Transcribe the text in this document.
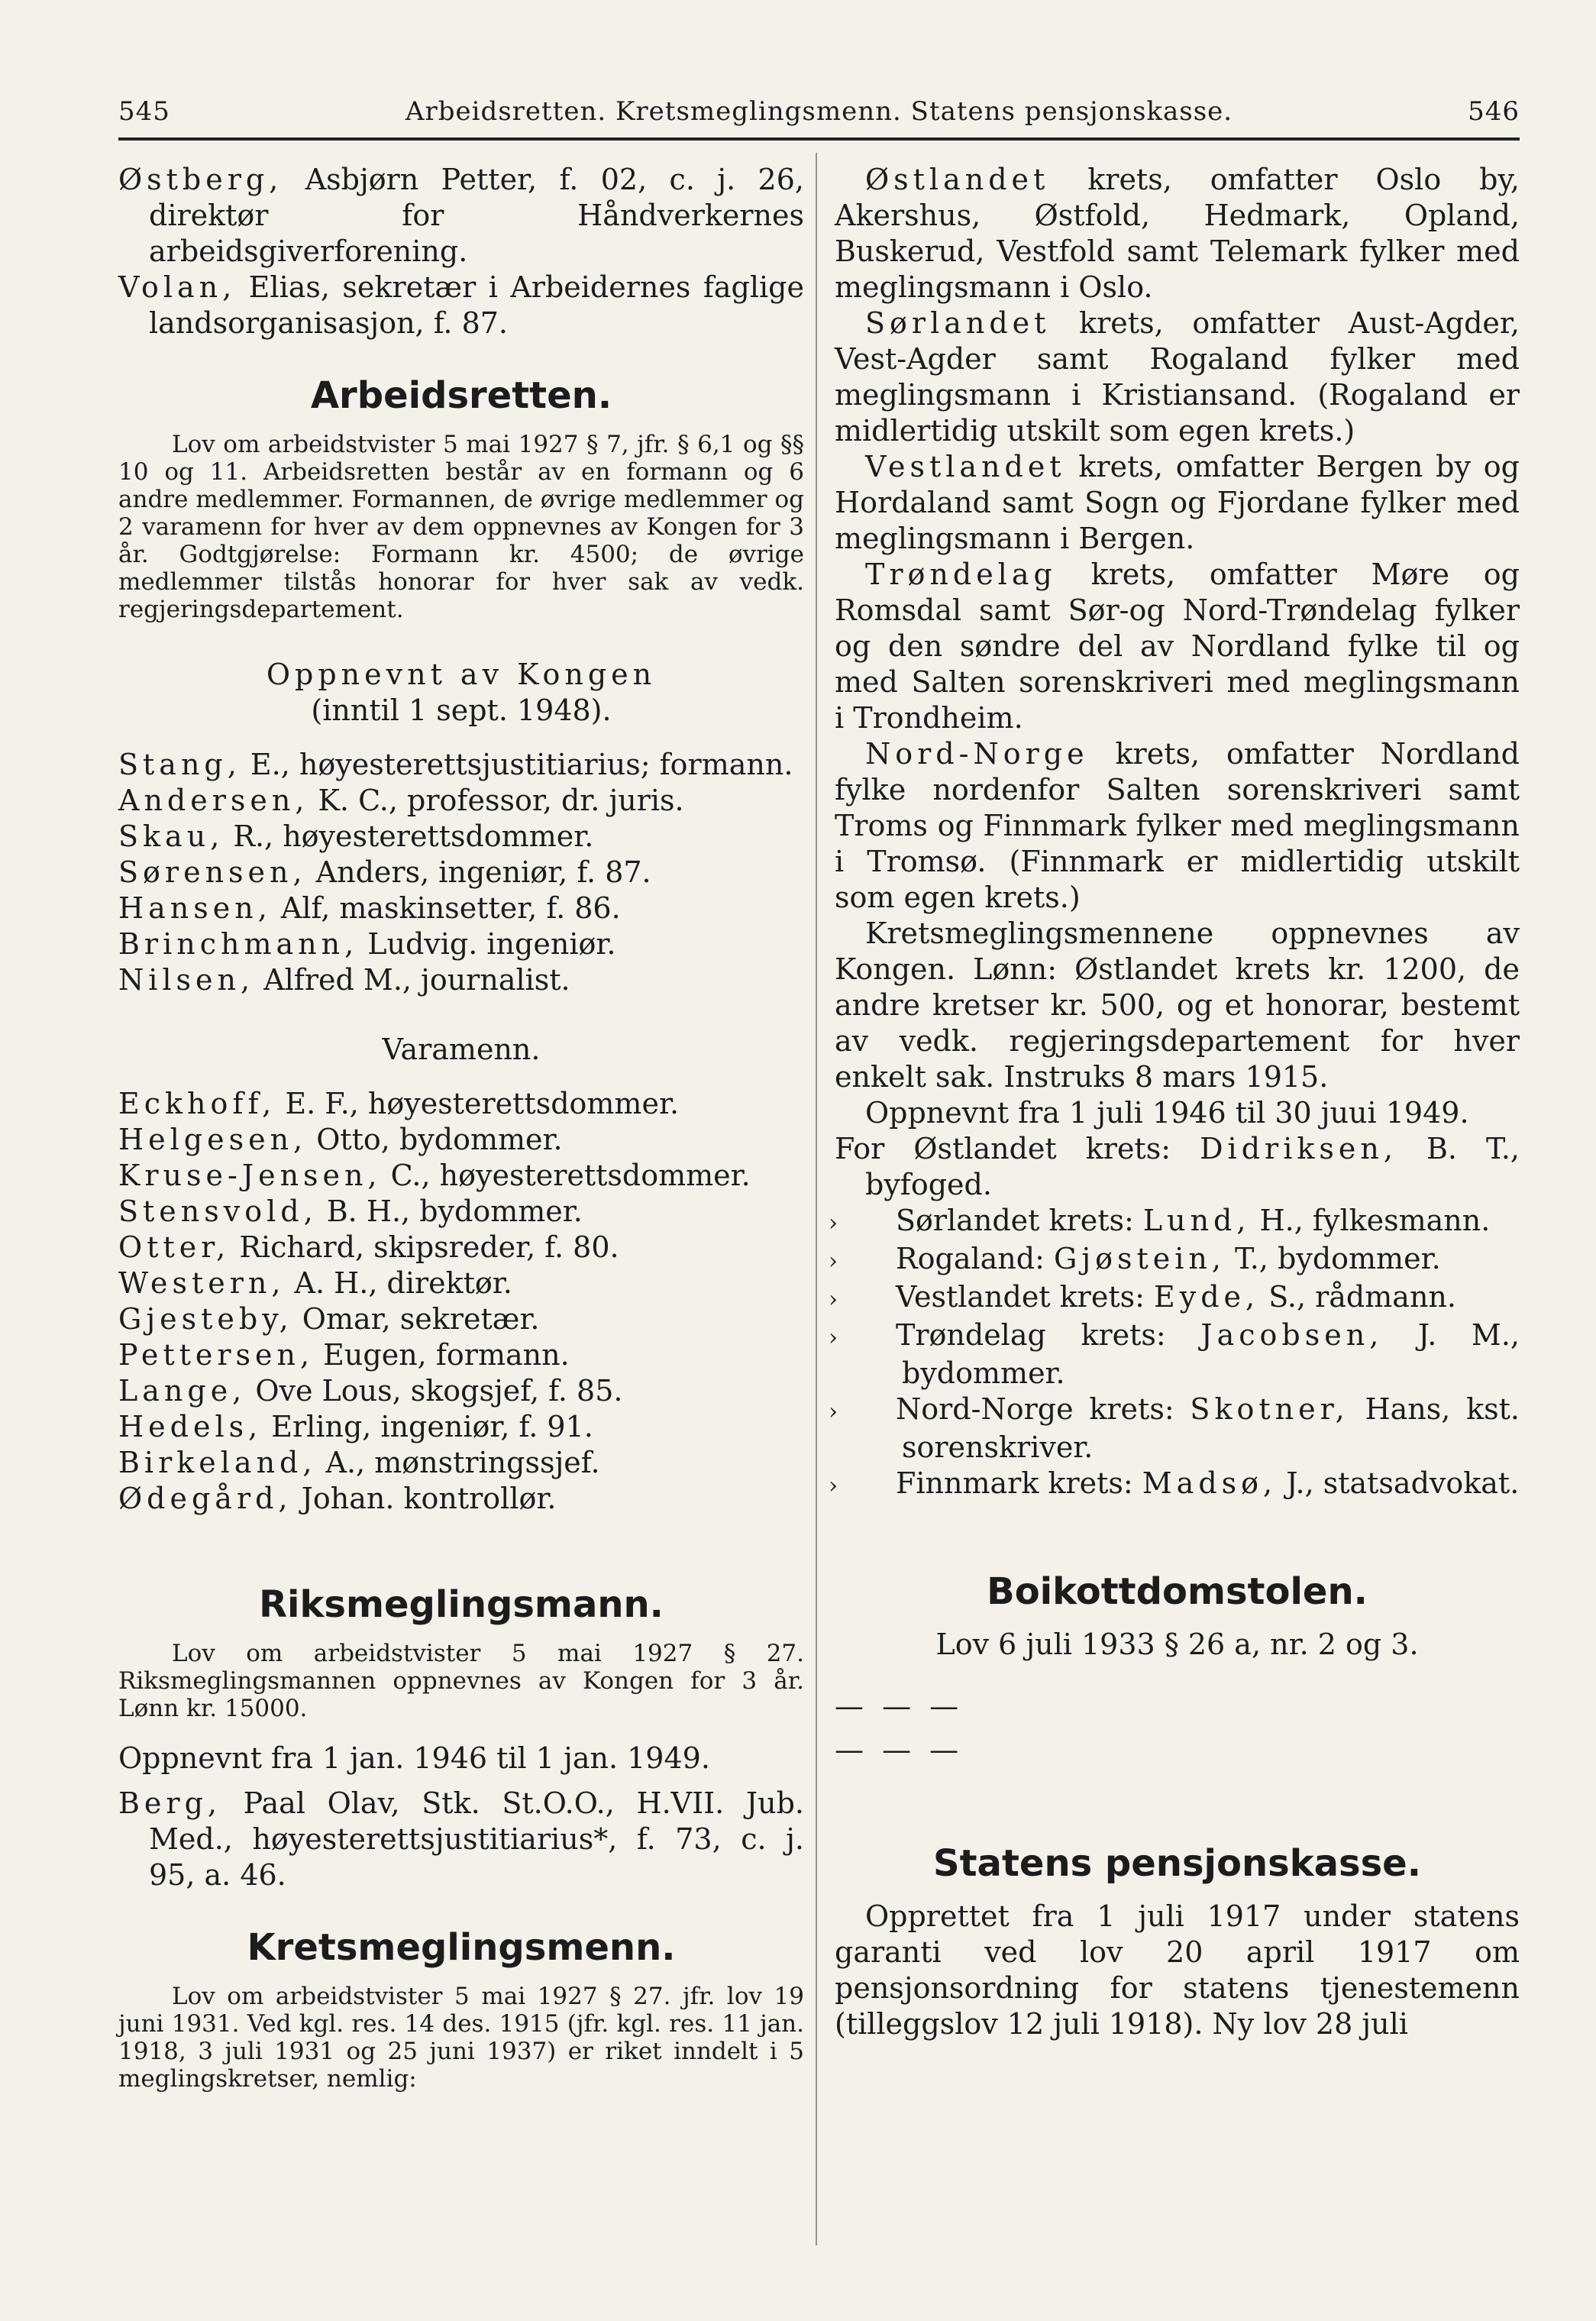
545	Arbeidsretten. Kretsmeglingsmenn. Statens pensjonskasse.	546

Østberg, Asbjørn Petter, f. 02, c. j. 26, direktør for Håndverkernes arbeidsgiverforening.

Volan, Elias, sekretær i Arbeidernes faglige landsorganisasjon, f. 87.

Arbeidsretten.

Lov om arbeidstvister 5 mai 1927 § 7, jfr. § 6,1 og §§ 10 og 11. Arbeidsretten består av en formann og 6 andre medlemmer. Formannen, de øvrige medlemmer og 2 varamenn for hver av dem oppnevnes av Kongen for 3 år. Godtgjørelse: Formann kr. 4500; de øvrige medlemmer tilstås honorar for hver sak av vedk. regjeringsdepartement.

Oppnevnt av Kongen

(inntil 1 sept. 1948).

Stang, E., høyesterettsjustitiarius; formann.

Andersen, K. C., professor, dr. juris.

Skau, R., høyesterettsdommer.

Sørensen, Anders, ingeniør, f. 87.

Hansen, Alf, maskinsetter, f. 86.

Brinchmann, Ludvig. ingeniør.

Nilsen, Alfred M., journalist.

Varamenn.

Eckhoff, E. F., høyesterettsdommer.

Helgesen, Otto, bydommer.

Kruse-Jensen, C., høyesterettsdommer.

Stensvold, B. H., bydommer.

Otter, Richard, skipsreder, f. 80.

Western, A. H., direktør.

Gjesteby, Omar, sekretær.

Pettersen, Eugen, formann.

Lange, Ove Lous, skogsjef, f. 85.

Hedels, Erling, ingeniør, f. 91.

Birkeland, A., mønstringssjef.

Ødegård, Johan. kontrollør.

Riksmeglingsmann.

Lov om arbeidstvister 5 mai 1927 § 27. Riksmeglingsmannen oppnevnes av Kongen for 3 år. Lønn kr. 15000.

Oppnevnt fra 1 jan. 1946 til 1 jan. 1949.

Berg, Paal Olav, Stk. St.O.O., H.VII. Jub. Med., høyesterettsjustitiarius*, f. 73, c. j. 95, a. 46.

Kretsmeglingsmenn.

Lov om arbeidstvister 5 mai 1927 § 27. jfr. lov 19 juni 1931. Ved kgl. res. 14 des. 1915 (jfr. kgl. res. 11 jan. 1918, 3 juli 1931 og 25 juni 1937) er riket inndelt i 5 meglingskretser, nemlig:

Østlandet krets, omfatter Oslo by, Akershus, Østfold, Hedmark, Opland, Buskerud, Vestfold samt Telemark fylker med meglingsmann i Oslo.

Sørlandet krets, omfatter Aust-Agder, Vest-Agder samt Rogaland fylker med meglingsmann i Kristiansand. (Rogaland er midlertidig utskilt som egen krets.)

Vestlandet krets, omfatter Bergen by og Hordaland samt Sogn og Fjordane fylker med meglingsmann i Bergen.

Trøndelag krets, omfatter Møre og Romsdal samt Sør-og Nord-Trøndelag fylker og den søndre del av Nordland fylke til og med Salten sorenskriveri med meglingsmann i Trondheim.

Nord-Norge krets, omfatter Nordland fylke nordenfor Salten sorenskriveri samt Troms og Finnmark fylker med meglingsmann i Tromsø. (Finnmark er midlertidig utskilt som egen krets.)

Kretsmeglingsmennene oppnevnes av Kongen. Lønn: Østlandet krets kr. 1200, de andre kretser kr. 500, og et honorar, bestemt av vedk. regjeringsdepartement for hver enkelt sak. Instruks 8 mars 1915.

Oppnevnt fra 1 juli 1946 til 30 juui 1949.

For Østlandet krets: Didriksen, B. T., byfoged.

› Sørlandet krets: Lund, H., fylkesmann.

› Rogaland: Gjøstein, T., bydommer.

› Vestlandet krets: Eyde, S., rådmann.

› Trøndelag krets: Jacobsen, J. M., bydommer.

› Nord-Norge krets: Skotner, Hans, kst. sorenskriver.

› Finnmark krets: Madsø, J., statsadvokat.

Boikottdomstolen.

Lov 6 juli 1933 § 26 a, nr. 2 og 3.

— — —

— — —

Statens pensjonskasse.

Opprettet fra 1 juli 1917 under statens garanti ved lov 20 april 1917 om pensjonsordning for statens tjenestemenn (tilleggslov 12 juli 1918). Ny lov 28 juli
